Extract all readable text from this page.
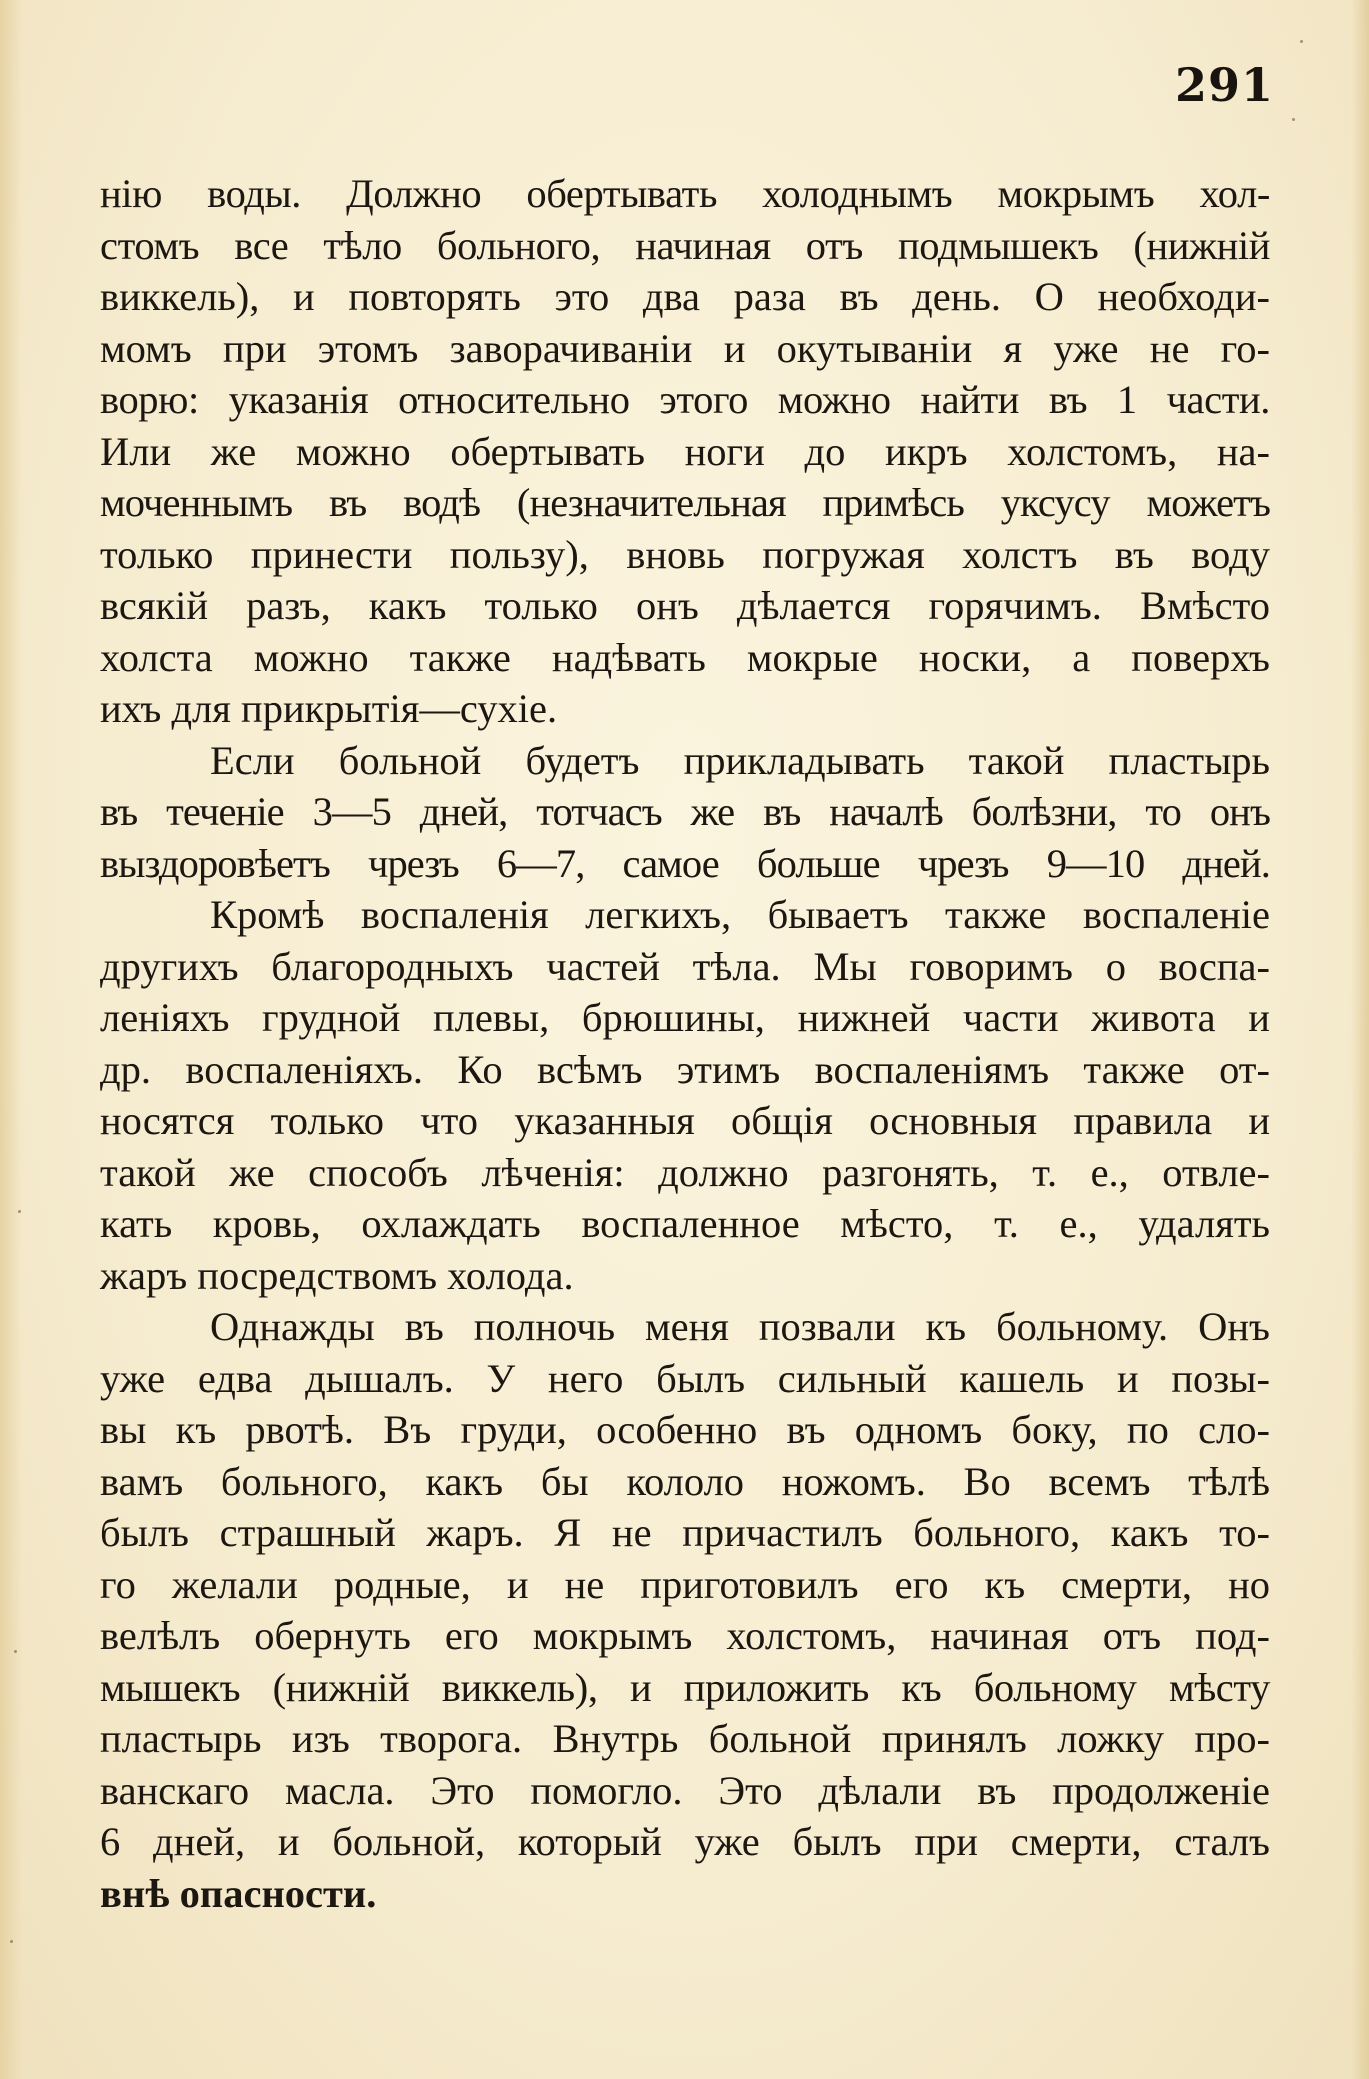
291

нію воды. Должно обертывать холоднымъ мокрымъ хол-
стомъ все тѣло больного, начиная отъ подмышекъ (нижній
виккель), и повторять это два раза въ день. О необходи-
момъ при этомъ заворачиваніи и окутываніи я уже не го-
ворю: указанія относительно этого можно найти въ 1 части.
Или же можно обертывать ноги до икръ холстомъ, на-
моченнымъ въ водѣ (незначительная примѣсь уксусу можетъ
только принести пользу), вновь погружая холстъ въ воду
всякій разъ, какъ только онъ дѣлается горячимъ. Вмѣсто
холста можно также надѣвать мокрые носки, а поверхъ
ихъ для прикрытія—сухіе.

Если больной будетъ прикладывать такой пластырь
въ теченіе 3—5 дней, тотчасъ же въ началѣ болѣзни, то онъ
выздоровѣетъ чрезъ 6—7, самое больше чрезъ 9—10 дней.

Кромѣ воспаленія легкихъ, бываетъ также воспаленіе
другихъ благородныхъ частей тѣла. Мы говоримъ о воспа-
леніяхъ грудной плевы, брюшины, нижней части живота и
др. воспаленіяхъ. Ко всѣмъ этимъ воспаленіямъ также от-
носятся только что указанныя общія основныя правила и
такой же способъ лѣченія: должно разгонять, т. е., отвле-
кать кровь, охлаждать воспаленное мѣсто, т. е., удалять
жаръ посредствомъ холода.

Однажды въ полночь меня позвали къ больному. Онъ
уже едва дышалъ. У него былъ сильный кашель и позы-
вы къ рвотѣ. Въ груди, особенно въ одномъ боку, по сло-
вамъ больного, какъ бы кололо ножомъ. Во всемъ тѣлѣ
былъ страшный жаръ. Я не причастилъ больного, какъ то-
го желали родные, и не приготовилъ его къ смерти, но
велѣлъ обернуть его мокрымъ холстомъ, начиная отъ под-
мышекъ (нижній виккель), и приложить къ больному мѣсту
пластырь изъ творога. Внутрь больной принялъ ложку про-
ванскаго масла. Это помогло. Это дѣлали въ продолженіе
6 дней, и больной, который уже былъ при смерти, сталъ
внѣ опасности.
